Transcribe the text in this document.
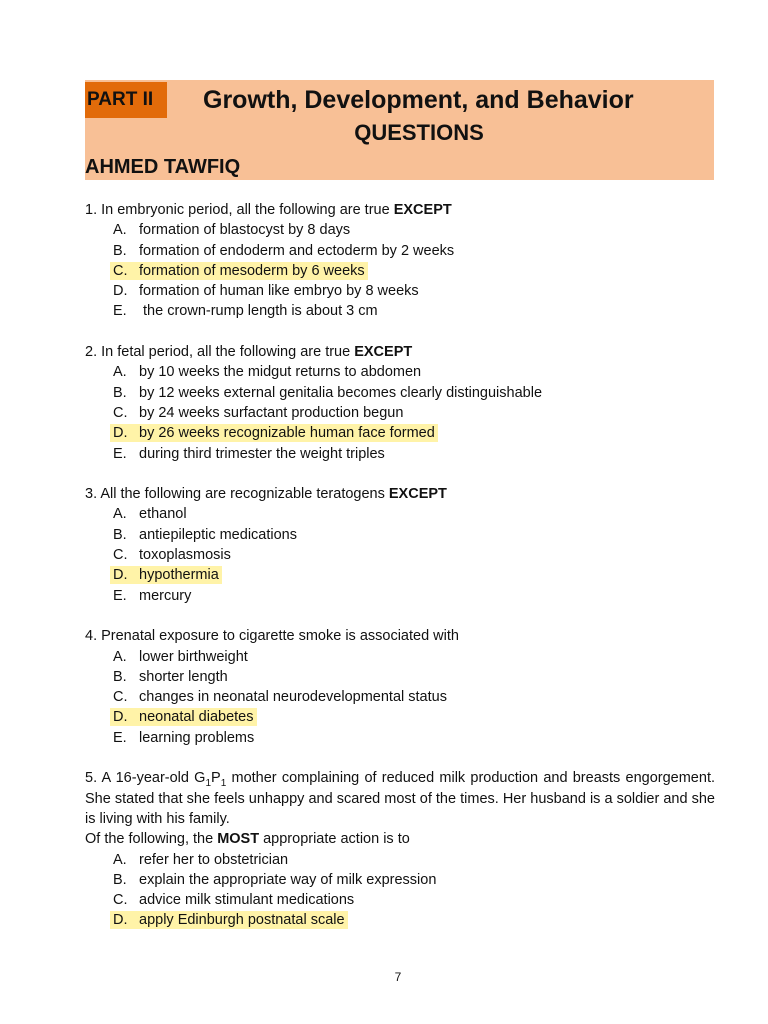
PART II	Growth, Development, and Behavior
QUESTIONS
AHMED TAWFIQ
1. In embryonic period, all the following are true EXCEPT
A. formation of blastocyst by 8 days
B. formation of endoderm and ectoderm by 2 weeks
C. formation of mesoderm by 6 weeks
D. formation of human like embryo by 8 weeks
E. the crown-rump length is about 3 cm
2. In fetal period, all the following are true EXCEPT
A. by 10 weeks the midgut returns to abdomen
B. by 12 weeks external genitalia becomes clearly distinguishable
C. by 24 weeks surfactant production begun
D. by 26 weeks recognizable human face formed
E. during third trimester the weight triples
3. All the following are recognizable teratogens EXCEPT
A. ethanol
B. antiepileptic medications
C. toxoplasmosis
D. hypothermia
E. mercury
4. Prenatal exposure to cigarette smoke is associated with
A. lower birthweight
B. shorter length
C. changes in neonatal neurodevelopmental status
D. neonatal diabetes
E. learning problems
5. A 16-year-old $G_1P_1$ mother complaining of reduced milk production and breasts engorgement. She stated that she feels unhappy and scared most of the times. Her husband is a soldier and she is living with his family.
Of the following, the MOST appropriate action is to
A. refer her to obstetrician
B. explain the appropriate way of milk expression
C. advice milk stimulant medications
D. apply Edinburgh postnatal scale
7
